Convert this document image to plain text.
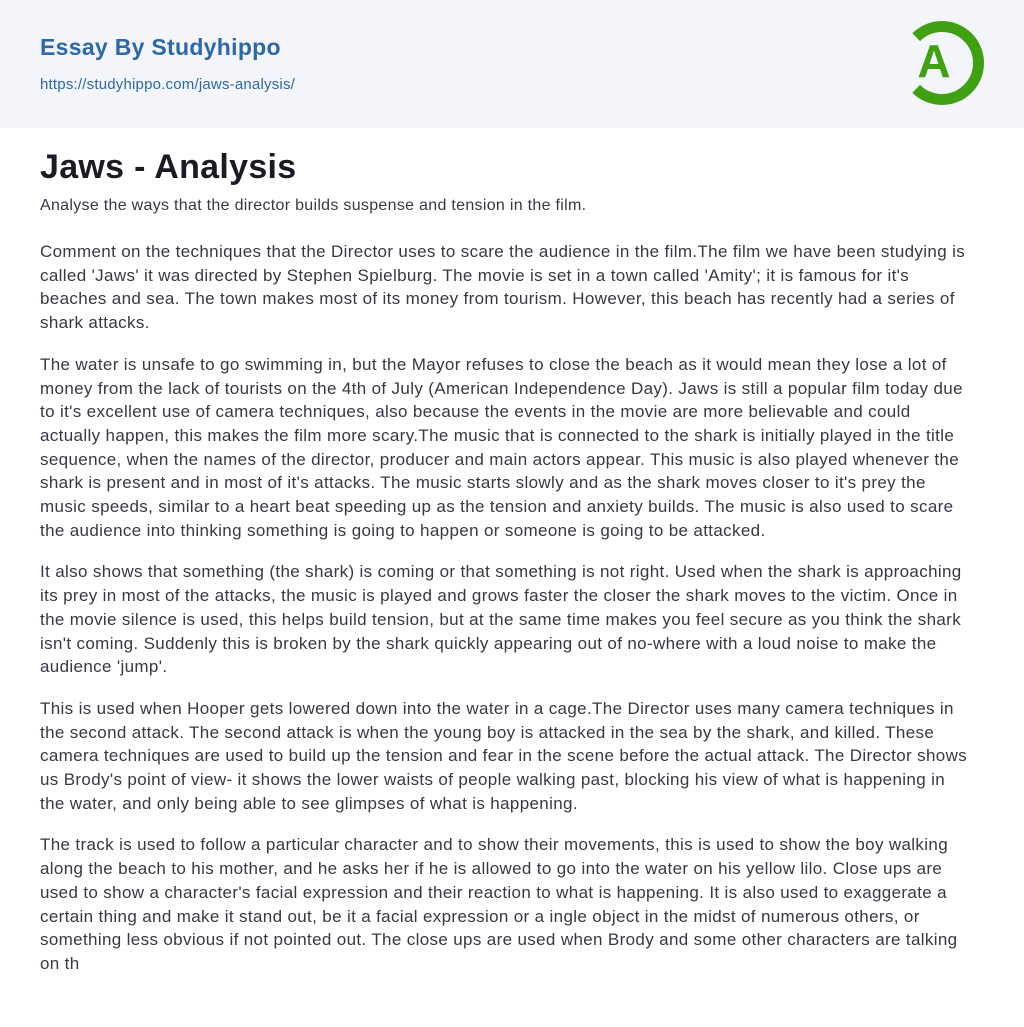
Essay By Studyhippo
https://studyhippo.com/jaws-analysis/	A
Jaws - Analysis

Analyse the ways that the director builds suspense and tension in the film.

Comment on the techniques that the Director uses to scare the audience in the film.The film we have been studying is called 'Jaws' it was directed by Stephen Spielburg. The movie is set in a town called 'Amity'; it is famous for it's beaches and sea. The town makes most of its money from tourism. However, this beach has recently had a series of shark attacks.

The water is unsafe to go swimming in, but the Mayor refuses to close the beach as it would mean they lose a lot of money from the lack of tourists on the 4th of July (American Independence Day). Jaws is still a popular film today due to it's excellent use of camera techniques, also because the events in the movie are more believable and could actually happen, this makes the film more scary.The music that is connected to the shark is initially played in the title sequence, when the names of the director, producer and main actors appear. This music is also played whenever the shark is present and in most of it's attacks. The music starts slowly and as the shark moves closer to it's prey the music speeds, similar to a heart beat speeding up as the tension and anxiety builds. The music is also used to scare the audience into thinking something is going to happen or someone is going to be attacked.

It also shows that something (the shark) is coming or that something is not right. Used when the shark is approaching its prey in most of the attacks, the music is played and grows faster the closer the shark moves to the victim. Once in the movie silence is used, this helps build tension, but at the same time makes you feel secure as you think the shark isn't coming. Suddenly this is broken by the shark quickly appearing out of no-where with a loud noise to make the audience 'jump'.

This is used when Hooper gets lowered down into the water in a cage.The Director uses many camera techniques in the second attack. The second attack is when the young boy is attacked in the sea by the shark, and killed. These camera techniques are used to build up the tension and fear in the scene before the actual attack. The Director shows us Brody's point of view- it shows the lower waists of people walking past, blocking his view of what is happening in the water, and only being able to see glimpses of what is happening.

The track is used to follow a particular character and to show their movements, this is used to show the boy walking along the beach to his mother, and he asks her if he is allowed to go into the water on his yellow lilo. Close ups are used to show a character's facial expression and their reaction to what is happening. It is also used to exaggerate a certain thing and make it stand out, be it a facial expression or a ingle object in the midst of numerous others, or something less obvious if not pointed out. The close ups are used when Brody and some other characters are talking on th
